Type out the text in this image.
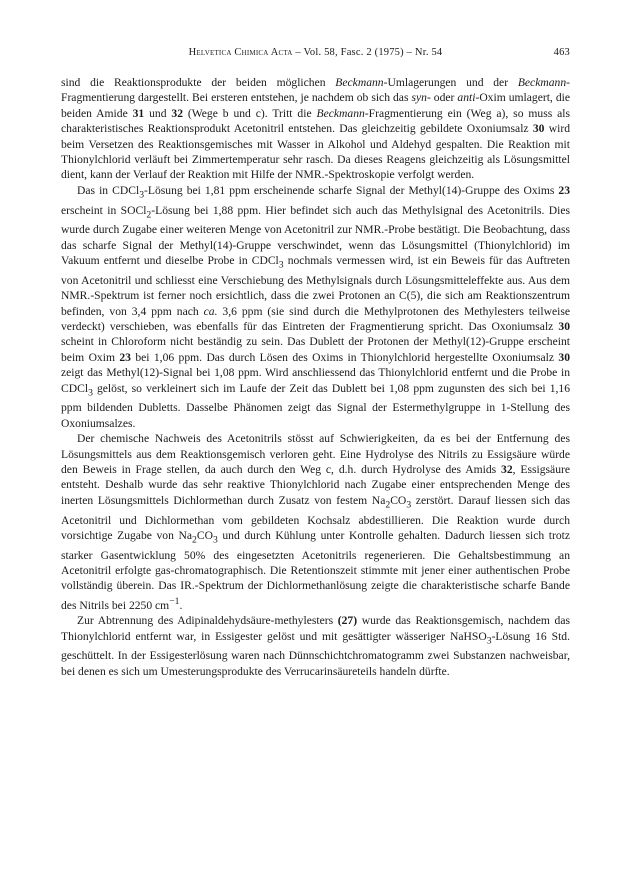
Helvetica Chimica Acta – Vol. 58, Fasc. 2 (1975) – Nr. 54	463

sind die Reaktionsprodukte der beiden möglichen Beckmann-Umlagerungen und der Beckmann-Fragmentierung dargestellt. Bei ersteren entstehen, je nachdem ob sich das syn- oder anti-Oxim umlagert, die beiden Amide 31 und 32 (Wege b und c). Tritt die Beckmann-Fragmentierung ein (Weg a), so muss als charakteristisches Reaktionsprodukt Acetonitril entstehen. Das gleichzeitig gebildete Oxoniumsalz 30 wird beim Versetzen des Reaktionsgemisches mit Wasser in Alkohol und Aldehyd gespalten. Die Reaktion mit Thionylchlorid verläuft bei Zimmertemperatur sehr rasch. Da dieses Reagens gleichzeitig als Lösungsmittel dient, kann der Verlauf der Reaktion mit Hilfe der NMR.-Spektroskopie verfolgt werden.

Das in CDCl$_3$-Lösung bei 1,81 ppm erscheinende scharfe Signal der Methyl(14)-Gruppe des Oxims 23 erscheint in SOCl$_2$-Lösung bei 1,88 ppm. Hier befindet sich auch das Methylsignal des Acetonitrils. Dies wurde durch Zugabe einer weiteren Menge von Acetonitril zur NMR.-Probe bestätigt. Die Beobachtung, dass das scharfe Signal der Methyl(14)-Gruppe verschwindet, wenn das Lösungsmittel (Thionylchlorid) im Vakuum entfernt und dieselbe Probe in CDCl$_3$ nochmals vermessen wird, ist ein Beweis für das Auftreten von Acetonitril und schliesst eine Verschiebung des Methylsignals durch Lösungsmitteleffekte aus. Aus dem NMR.-Spektrum ist ferner noch ersichtlich, dass die zwei Protonen an C(5), die sich am Reaktionszentrum befinden, von 3,4 ppm nach ca. 3,6 ppm (sie sind durch die Methylprotonen des Methylesters teilweise verdeckt) verschieben, was ebenfalls für das Eintreten der Fragmentierung spricht. Das Oxoniumsalz 30 scheint in Chloroform nicht beständig zu sein. Das Dublett der Protonen der Methyl(12)-Gruppe erscheint beim Oxim 23 bei 1,06 ppm. Das durch Lösen des Oxims in Thionylchlorid hergestellte Oxoniumsalz 30 zeigt das Methyl(12)-Signal bei 1,08 ppm. Wird anschliessend das Thionylchlorid entfernt und die Probe in CDCl$_3$ gelöst, so verkleinert sich im Laufe der Zeit das Dublett bei 1,08 ppm zugunsten des sich bei 1,16 ppm bildenden Dubletts. Dasselbe Phänomen zeigt das Signal der Estermethylgruppe in 1-Stellung des Oxoniumsalzes.

Der chemische Nachweis des Acetonitrils stösst auf Schwierigkeiten, da es bei der Entfernung des Lösungsmittels aus dem Reaktionsgemisch verloren geht. Eine Hydrolyse des Nitrils zu Essigsäure würde den Beweis in Frage stellen, da auch durch den Weg c, d.h. durch Hydrolyse des Amids 32, Essigsäure entsteht. Deshalb wurde das sehr reaktive Thionylchlorid nach Zugabe einer entsprechenden Menge des inerten Lösungsmittels Dichlormethan durch Zusatz von festem $Na_2CO_3$ zerstört. Darauf liessen sich das Acetonitril und Dichlormethan vom gebildeten Kochsalz abdestillieren. Die Reaktion wurde durch vorsichtige Zugabe von $Na_2CO_3$ und durch Kühlung unter Kontrolle gehalten. Dadurch liessen sich trotz starker Gasentwicklung 50% des eingesetzten Acetonitrils regenerieren. Die Gehaltsbestimmung an Acetonitril erfolgte gas-chromatographisch. Die Retentionszeit stimmte mit jener einer authentischen Probe vollständig überein. Das IR.-Spektrum der Dichlormethanlösung zeigte die charakteristische scharfe Bande des Nitrils bei 2250 $cm^{-1}$.

Zur Abtrennung des Adipinaldehydsäure-methylesters (27) wurde das Reaktionsgemisch, nachdem das Thionylchlorid entfernt war, in Essigester gelöst und mit gesättigter wässeriger NaHSO$_3$-Lösung 16 Std. geschüttelt. In der Essigesterlösung waren nach Dünnschichtchromatogramm zwei Substanzen nachweisbar, bei denen es sich um Umesterungsprodukte des Verrucarinsäureteils handeln dürfte.
